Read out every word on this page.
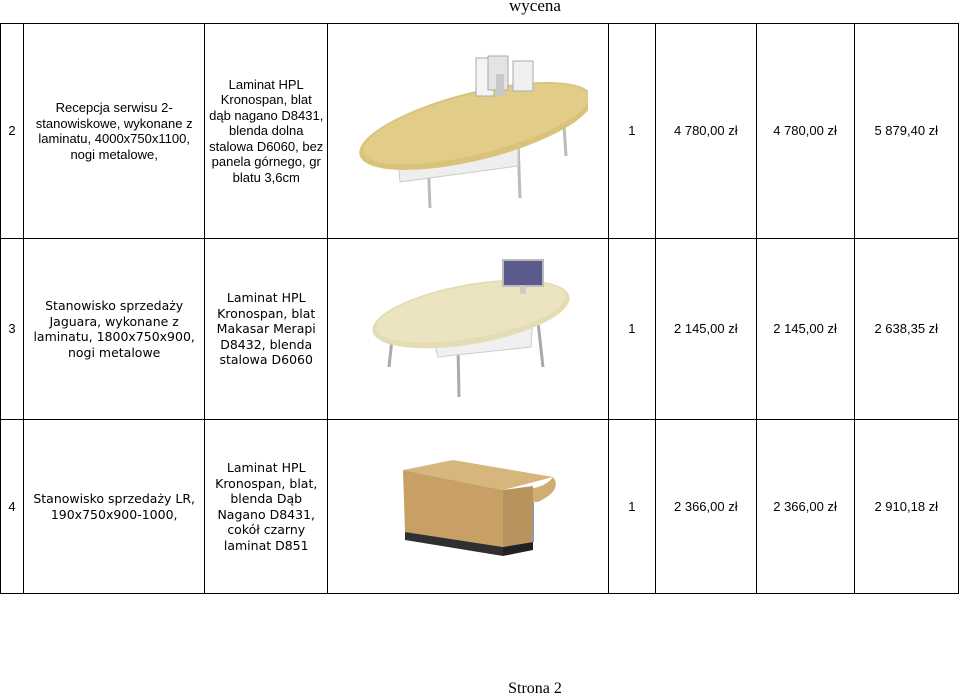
wycena
2	Recepcja serwisu 2-stanowiskowe, wykonane z laminatu, 4000x750x1100, nogi metalowe,	Laminat HPL Kronospan, blat dąb nagano D8431, blenda dolna stalowa D6060, bez panela górnego, gr blatu 3,6cm		1	4 780,00 zł	4 780,00 zł	5 879,40 zł
3	Stanowisko sprzedaży Jaguara, wykonane z laminatu, 1800x750x900, nogi metalowe	Laminat HPL Kronospan, blat Makasar Merapi D8432, blenda stalowa D6060		1	2 145,00 zł	2 145,00 zł	2 638,35 zł
4	Stanowisko sprzedaży LR, 190x750x900-1000,	Laminat HPL Kronospan, blat, blenda Dąb Nagano D8431, cokół czarny laminat D851		1	2 366,00 zł	2 366,00 zł	2 910,18 zł
Strona 2
